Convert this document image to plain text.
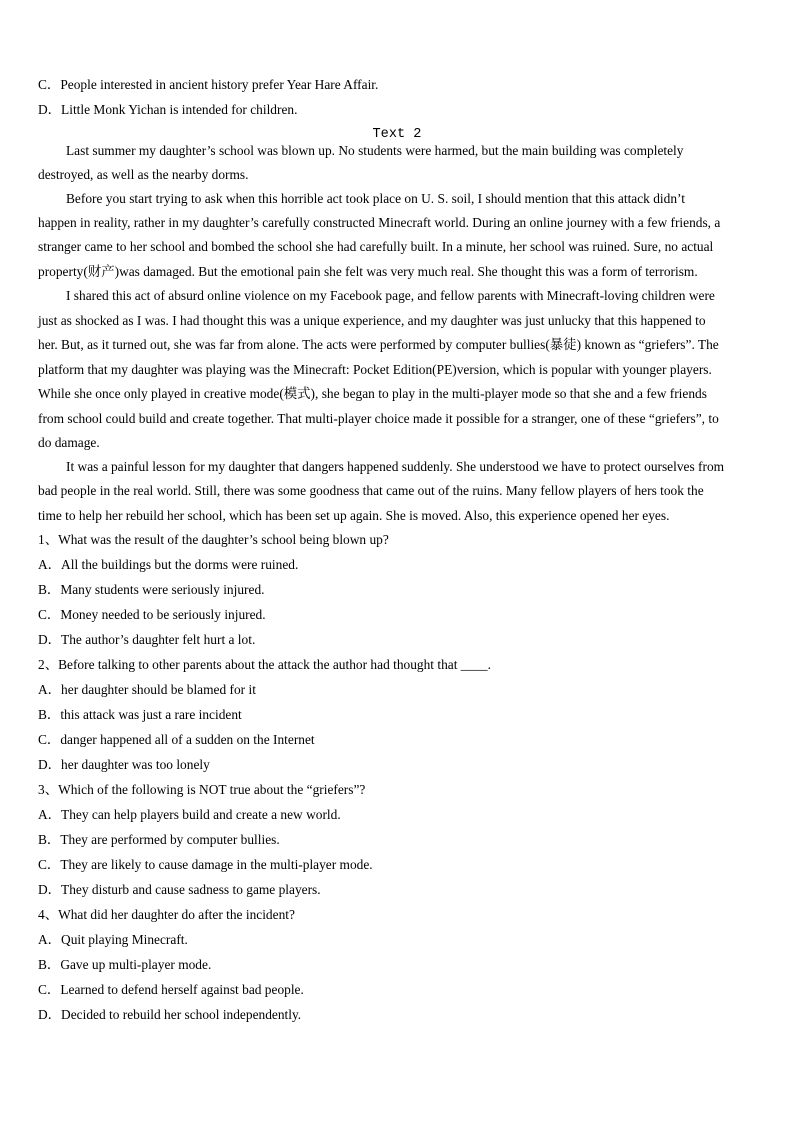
C．People interested in ancient history prefer Year Hare Affair.
D．Little Monk Yichan is intended for children.
Text 2
Last summer my daughter’s school was blown up. No students were harmed, but the main building was completely
destroyed, as well as the nearby dorms.
Before you start trying to ask when this horrible act took place on U. S. soil, I should mention that this attack didn’t
happen in reality, rather in my daughter’s carefully constructed Minecraft world. During an online journey with a few friends, a
stranger came to her school and bombed the school she had carefully built. In a minute, her school was ruined. Sure, no actual
property(财产)was damaged. But the emotional pain she felt was very much real. She thought this was a form of terrorism.
I shared this act of absurd online violence on my Facebook page, and fellow parents with Minecraft-loving children were
just as shocked as I was. I had thought this was a unique experience, and my daughter was just unlucky that this happened to
her. But, as it turned out, she was far from alone. The acts were performed by computer bullies(暴徒) known as “griefers”. The
platform that my daughter was playing was the Minecraft: Pocket Edition(PE)version, which is popular with younger players.
While she once only played in creative mode(模式), she began to play in the multi-player mode so that she and a few friends
from school could build and create together. That multi-player choice made it possible for a stranger, one of these “griefers”, to
do damage.
It was a painful lesson for my daughter that dangers happened suddenly. She understood we have to protect ourselves from
bad people in the real world. Still, there was some goodness that came out of the ruins. Many fellow players of hers took the
time to help her rebuild her school, which has been set up again. She is moved. Also, this experience opened her eyes.
1、What was the result of the daughter’s school being blown up?
A．All the buildings but the dorms were ruined.
B．Many students were seriously injured.
C．Money needed to be seriously injured.
D．The author’s daughter felt hurt a lot.
2、Before talking to other parents about the attack the author had thought that ____.
A．her daughter should be blamed for it
B．this attack was just a rare incident
C．danger happened all of a sudden on the Internet
D．her daughter was too lonely
3、Which of the following is NOT true about the “griefers”?
A．They can help players build and create a new world.
B．They are performed by computer bullies.
C．They are likely to cause damage in the multi-player mode.
D．They disturb and cause sadness to game players.
4、What did her daughter do after the incident?
A．Quit playing Minecraft.
B．Gave up multi-player mode.
C．Learned to defend herself against bad people.
D．Decided to rebuild her school independently.
